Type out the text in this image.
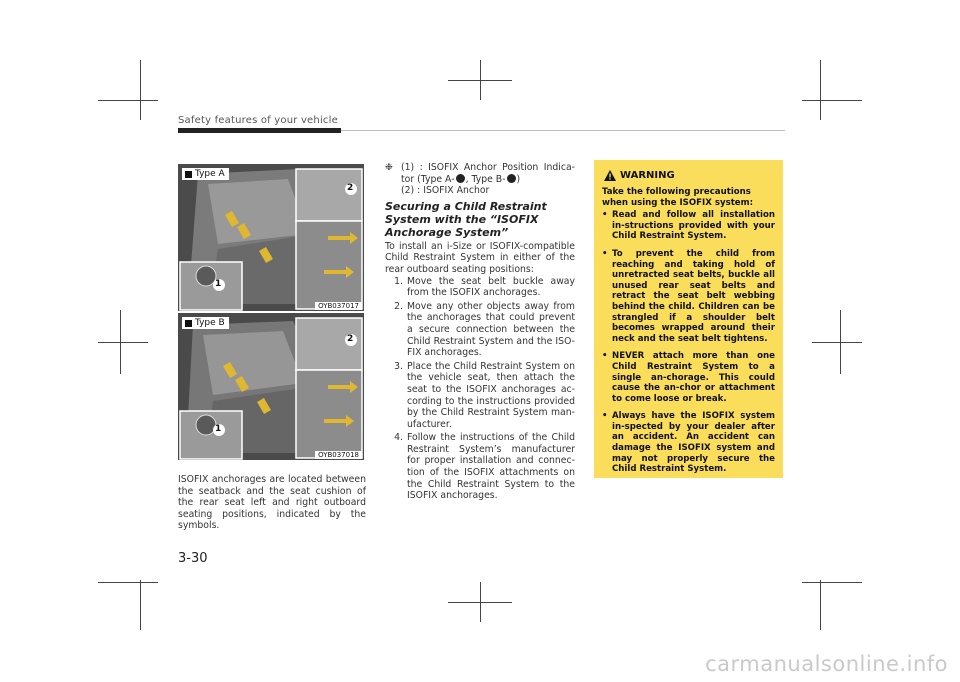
Safety features of your vehicle
2
1
Type A
OYB037017
2
1
Type B
OYB037018
ISOFIX anchorages are located between the seatback and the seat cushion of the rear seat left and right outboard seating positions, indicated by the symbols.
❉ (1) : ISOFIX Anchor Position Indica-tor (Type A- , Type B- )
(2) : ISOFIX Anchor
Securing a Child Restraint System with the “ISOFIX Anchorage System”

To install an i-Size or ISOFIX-compatible Child Restraint System in either of the rear outboard seating positions:

1. Move the seat belt buckle away from the ISOFIX anchorages.
2. Move any other objects away from the anchorages that could prevent a secure connection between the Child Restraint System and the ISO-FIX anchorages.
3. Place the Child Restraint System on the vehicle seat, then attach the seat to the ISOFIX anchorages ac-cording to the instructions provided by the Child Restraint System man-ufacturer.
4. Follow the instructions of the Child Restraint System’s manufacturer for proper installation and connec-tion of the ISOFIX attachments on the Child Restraint System to the ISOFIX anchorages.
WARNING
Take the following precautions when using the ISOFIX system:
• Read and follow all installation in-structions provided with your Child Restraint System.
• To prevent the child from reaching and taking hold of unretracted seat belts, buckle all unused rear seat belts and retract the seat belt webbing behind the child. Children can be strangled if a shoulder belt becomes wrapped around their neck and the seat belt tightens.
• NEVER attach more than one Child Restraint System to a single an-chorage. This could cause the an-chor or attachment to come loose or break.
• Always have the ISOFIX system in-spected by your dealer after an accident. An accident can damage the ISOFIX system and may not properly secure the Child Restraint System.
3-30
carmanualsonline.info
